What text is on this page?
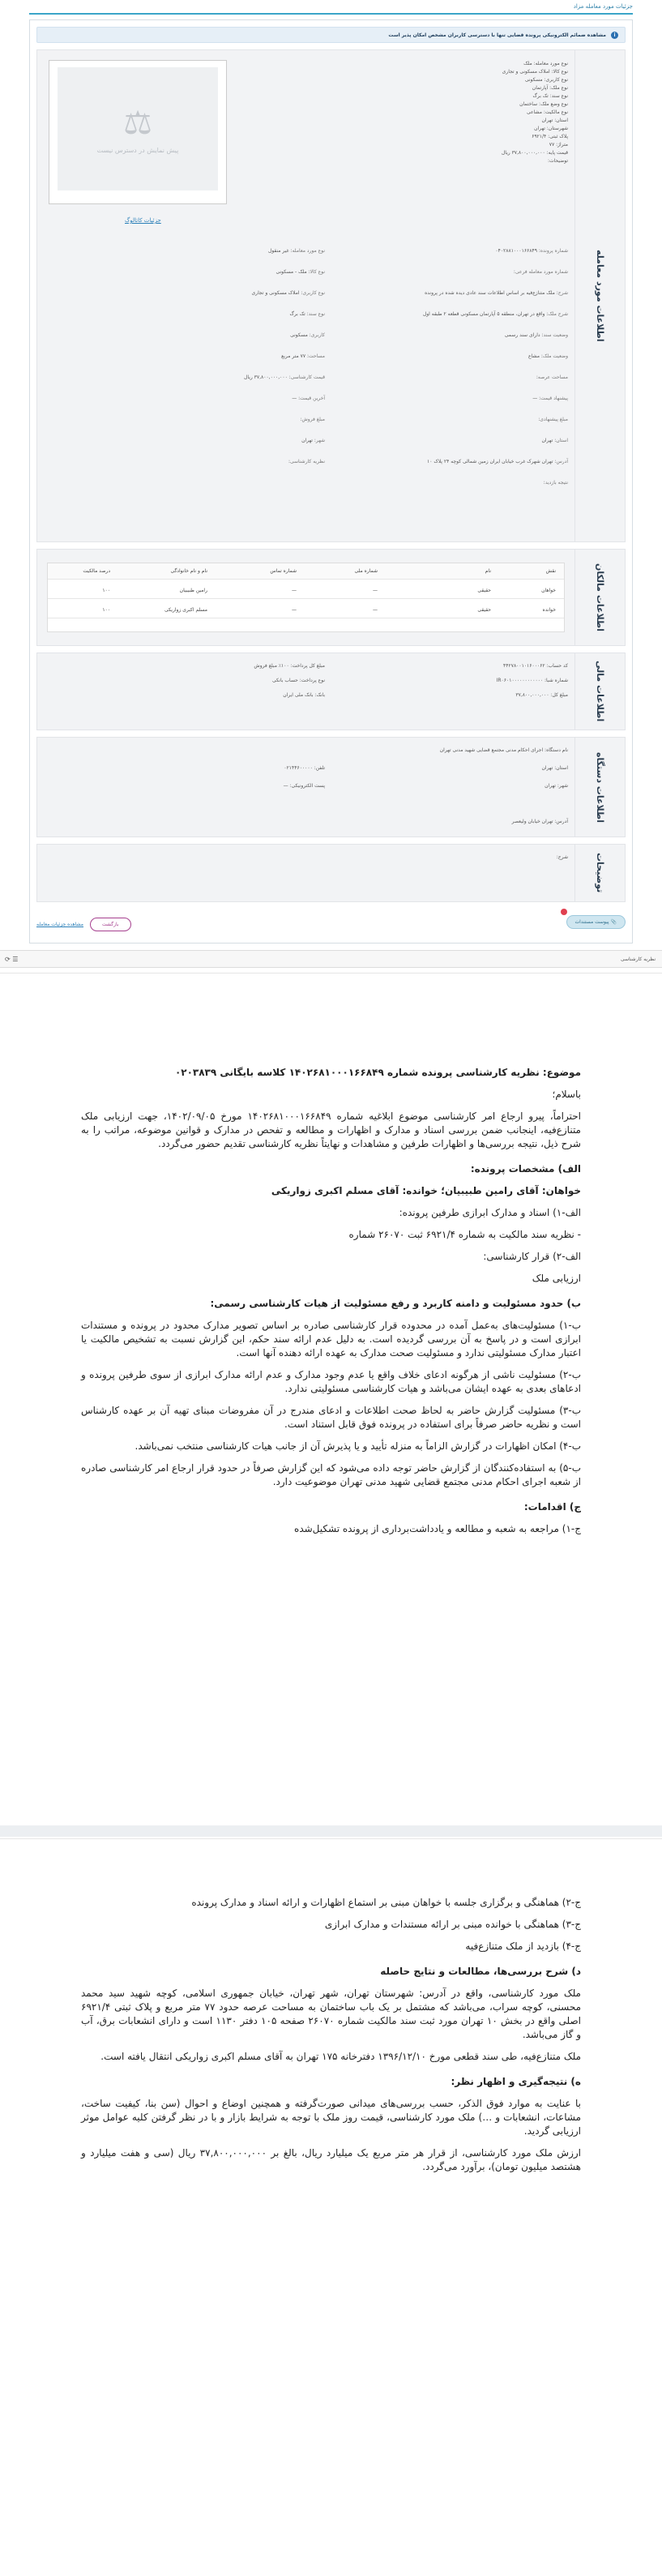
جزئیات مورد معامله مزاد
i
مشاهده ضمائم الکترونیکی پرونده قضایی تنها با دسترسی کاربران مشخص امکان پذیر است
اطلاعات مورد معامله
نوع مورد معامله: ملک
نوع کالا: املاک مسکونی و تجاری
نوع کاربری: مسکونی
نوع ملک: آپارتمان
نوع سند: تک برگ
نوع وضع ملک: ساختمان
نوع مالکیت: مشاعی
استان: تهران
شهرستان: تهران
پلاک ثبتی: ۶۹۲۱/۴
متراژ: ۷۷
قیمت پایه: ۳۷,۸۰۰,۰۰۰,۰۰۰ ریال
توضیحات:
⚖
پیش نمایش در دسترس نیست
جزئیات کاتالوگ
شماره پرونده: ۰۴۰۲۸۸۱۰۰۰۱۶۶۸۴۹
نوع مورد معامله: غیر منقول
شماره مورد معامله فرعی:
نوع کالا: ملک - مسکونی
شرح: ملک متنازع‌فیه بر اساس اطلاعات سند عادی دیده شده در پرونده
نوع کاربری: املاک مسکونی و تجاری
شرح ملک: واقع در تهران، منطقه ۵ آپارتمان مسکونی قطعه ۲ طبقه اول
نوع سند: تک برگ
وضعیت سند: دارای سند رسمی
کاربری: مسکونی
وضعیت ملک: مشاع
مساحت: ۷۷ متر مربع
مساحت عرصه:
قیمت کارشناسی: ۳۷,۸۰۰,۰۰۰,۰۰۰ ریال
پیشنهاد قیمت: —
آخرین قیمت: —
مبلغ پیشنهادی:
مبلغ فروش:
استان: تهران
شهر: تهران
آدرس: تهران شهرک غرب خیابان ایران زمین شمالی کوچه ۲۴ پلاک ۱۰
نظریه کارشناسی:
نتیجه بازدید:
اطلاعات مالکان
نقش
نام
شماره ملی
شماره تماس
نام و نام خانوادگی
درصد مالکیت
خواهان
حقیقی
—
—
رامین طبیبیان
۱۰۰
خوانده
حقیقی
—
—
مسلم اکبری زواریکی
۱۰۰
اطلاعات مالی
کد حساب: ۴۴۲۷۸۰۰۱۰۱۶۰۰۰۶۲
شماره شبا: IR۰۶۰۱۰۰۰۰۰۰۰۰۰۰۰۰
مبلغ کل: ۳۷,۸۰۰,۰۰۰,۰۰۰
مبلغ کل پرداخت: ۱۰۰٪ مبلغ فروش
نوع پرداخت: حساب بانکی
بانک: بانک ملی ایران
اطلاعات دستگاه
نام دستگاه: اجرای احکام مدنی مجتمع قضایی شهید مدنی تهران
استان: تهران
شهر: تهران
تلفن: ۰۲۱۴۴۶۰۰۰۰۰
آدرس: تهران خیابان ولیعصر
پست الکترونیکی: —
توضیحات
شرح:
📎 پیوست مستندات
بازگشت
مشاهده جزئیات معامله
نظریه کارشناسی
☰ ⟳

موضوع: نظریه کارشناسی پرونده شماره ۱۴۰۲۶۸۱۰۰۰۱۶۶۸۴۹ کلاسه بایگانی ۰۲۰۳۸۳۹

باسلام؛

احتراماً، پیرو ارجاع امر کارشناسی موضوع ابلاغیه شماره ۱۴۰۲۶۸۱۰۰۰۱۶۶۸۴۹ مورخ ۱۴۰۲/۰۹/۰۵، جهت ارزیابی ملک متنازع‌فیه، اینجانب ضمن بررسی اسناد و مدارک و اظهارات و مطالعه و تفحص در مدارک و قوانین موضوعه، مراتب را به شرح ذیل، نتیجه بررسی‌ها و اظهارات طرفین و مشاهدات و نهایتاً نظریه کارشناسی تقدیم حضور می‌گردد.

الف) مشخصات پرونده:

خواهان: آقای رامین طبیبیان؛ خوانده: آقای مسلم اکبری زواریکی

الف-۱) اسناد و مدارک ابرازی طرفین پرونده:

- نظریه سند مالکیت به شماره ۶۹۲۱/۴ ثبت ۲۶۰۷۰ شماره

الف-۲) قرار کارشناسی:

ارزیابی ملک

ب) حدود مسئولیت و دامنه کاربرد و رفع مسئولیت از هیات کارشناسی رسمی:

ب-۱) مسئولیت‌های به‌عمل آمده در محدوده قرار کارشناسی صادره بر اساس تصویر مدارک محدود در پرونده و مستندات ابرازی است و در پاسخ به آن بررسی گردیده است. به دلیل عدم ارائه سند حکم، این گزارش نسبت به تشخیص مالکیت یا اعتبار مدارک مسئولیتی ندارد و مسئولیت صحت مدارک به عهده ارائه دهنده آنها است.

ب-۲) مسئولیت ناشی از هرگونه ادعای خلاف واقع یا عدم وجود مدارک و عدم ارائه مدارک ابرازی از سوی طرفین پرونده و ادعاهای بعدی به عهده ایشان می‌باشد و هیات کارشناسی مسئولیتی ندارد.

ب-۳) مسئولیت گزارش حاضر به لحاظ صحت اطلاعات و ادعای مندرج در آن مفروضات مبنای تهیه آن بر عهده کارشناس است و نظریه حاضر صرفاً برای استفاده در پرونده فوق قابل استناد است.

ب-۴) امکان اظهارات در گزارش الزاماً به منزله تأیید و یا پذیرش آن از جانب هیات کارشناسی منتخب نمی‌باشد.

ب-۵) به استفاده‌کنندگان از گزارش حاضر توجه داده می‌شود که این گزارش صرفاً در حدود قرار ارجاع امر کارشناسی صادره از شعبه اجرای احکام مدنی مجتمع قضایی شهید مدنی تهران موضوعیت دارد.

ج) اقدامات:

ج-۱) مراجعه به شعبه و مطالعه و یادداشت‌برداری از پرونده تشکیل‌شده

ج-۲) هماهنگی و برگزاری جلسه با خواهان مبنی بر استماع اظهارات و ارائه اسناد و مدارک پرونده

ج-۳) هماهنگی با خوانده مبنی بر ارائه مستندات و مدارک ابرازی

ج-۴) بازدید از ملک متنازع‌فیه

د) شرح بررسی‌ها، مطالعات و نتایج حاصله

ملک مورد کارشناسی، واقع در آدرس: شهرستان تهران، شهر تهران، خیابان جمهوری اسلامی، کوچه شهید سید محمد محسنی، کوچه سراب، می‌باشد که مشتمل بر یک باب ساختمان به مساحت عرصه حدود ۷۷ متر مربع و پلاک ثبتی ۶۹۲۱/۴ اصلی واقع در بخش ۱۰ تهران مورد ثبت سند مالکیت شماره ۲۶۰۷۰ صفحه ۱۰۵ دفتر ۱۱۳۰ است و دارای انشعابات برق، آب و گاز می‌باشد.

ملک متنازع‌فیه، طی سند قطعی مورخ ۱۳۹۶/۱۲/۱۰ دفترخانه ۱۷۵ تهران به آقای مسلم اکبری زواریکی انتقال یافته است.

ه) نتیجه‌گیری و اظهار نظر:

با عنایت به موارد فوق الذکر، حسب بررسی‌های میدانی صورت‌گرفته و همچنین اوضاع و احوال (سن بنا، کیفیت ساخت، مشاعات، انشعابات و …) ملک مورد کارشناسی، قیمت روز ملک با توجه به شرایط بازار و با در نظر گرفتن کلیه عوامل موثر ارزیابی گردید.

ارزش ملک مورد کارشناسی، از قرار هر متر مربع یک میلیارد ریال، بالغ بر ۳۷,۸۰۰,۰۰۰,۰۰۰ ریال (سی و هفت میلیارد و هشتصد میلیون تومان)، برآورد می‌گردد.
